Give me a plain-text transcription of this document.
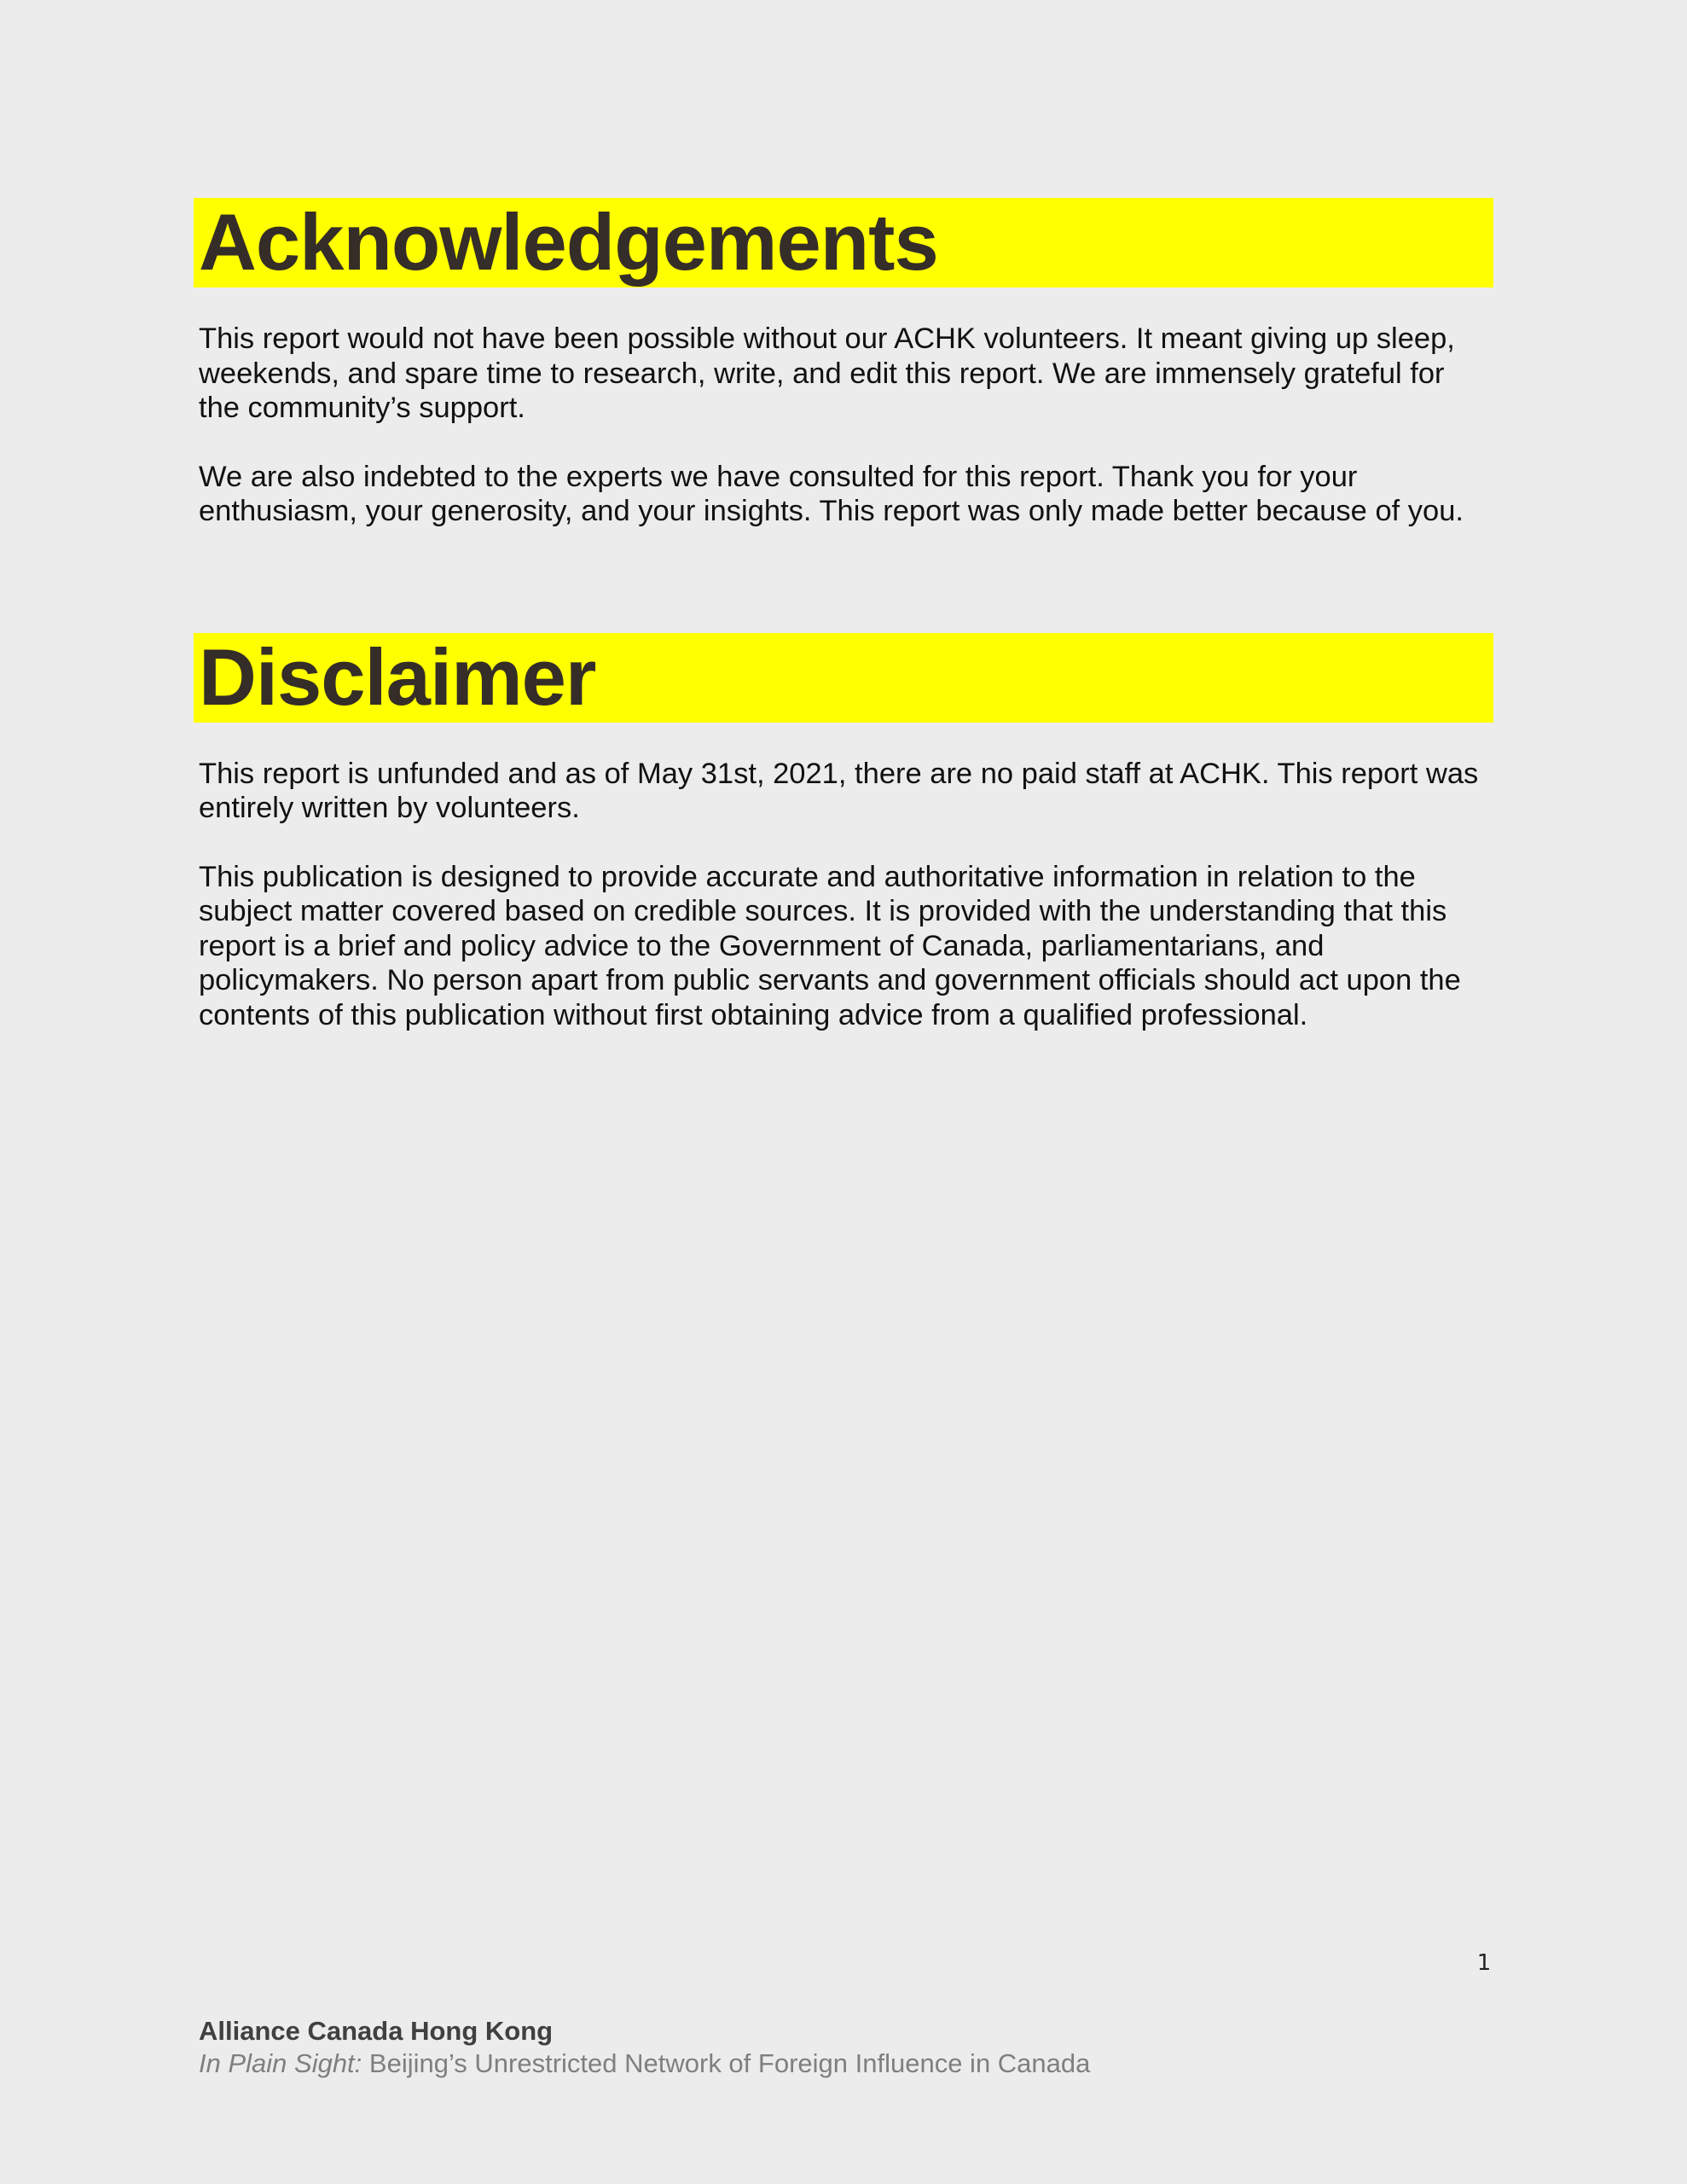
Acknowledgements

This report would not have been possible without our ACHK volunteers. It meant giving up sleep, weekends, and spare time to research, write, and edit this report. We are immensely grateful for the community’s support.

We are also indebted to the experts we have consulted for this report. Thank you for your enthusiasm, your generosity, and your insights. This report was only made better because of you.

Disclaimer

This report is unfunded and as of May 31st, 2021, there are no paid staff at ACHK. This report was entirely written by volunteers.

This publication is designed to provide accurate and authoritative information in relation to the subject matter covered based on credible sources. It is provided with the understanding that this report is a brief and policy advice to the Government of Canada, parliamentarians, and policymakers. No person apart from public servants and government officials should act upon the contents of this publication without first obtaining advice from a qualified professional.

1

Alliance Canada Hong Kong

In Plain Sight: Beijing’s Unrestricted Network of Foreign Influence in Canada
